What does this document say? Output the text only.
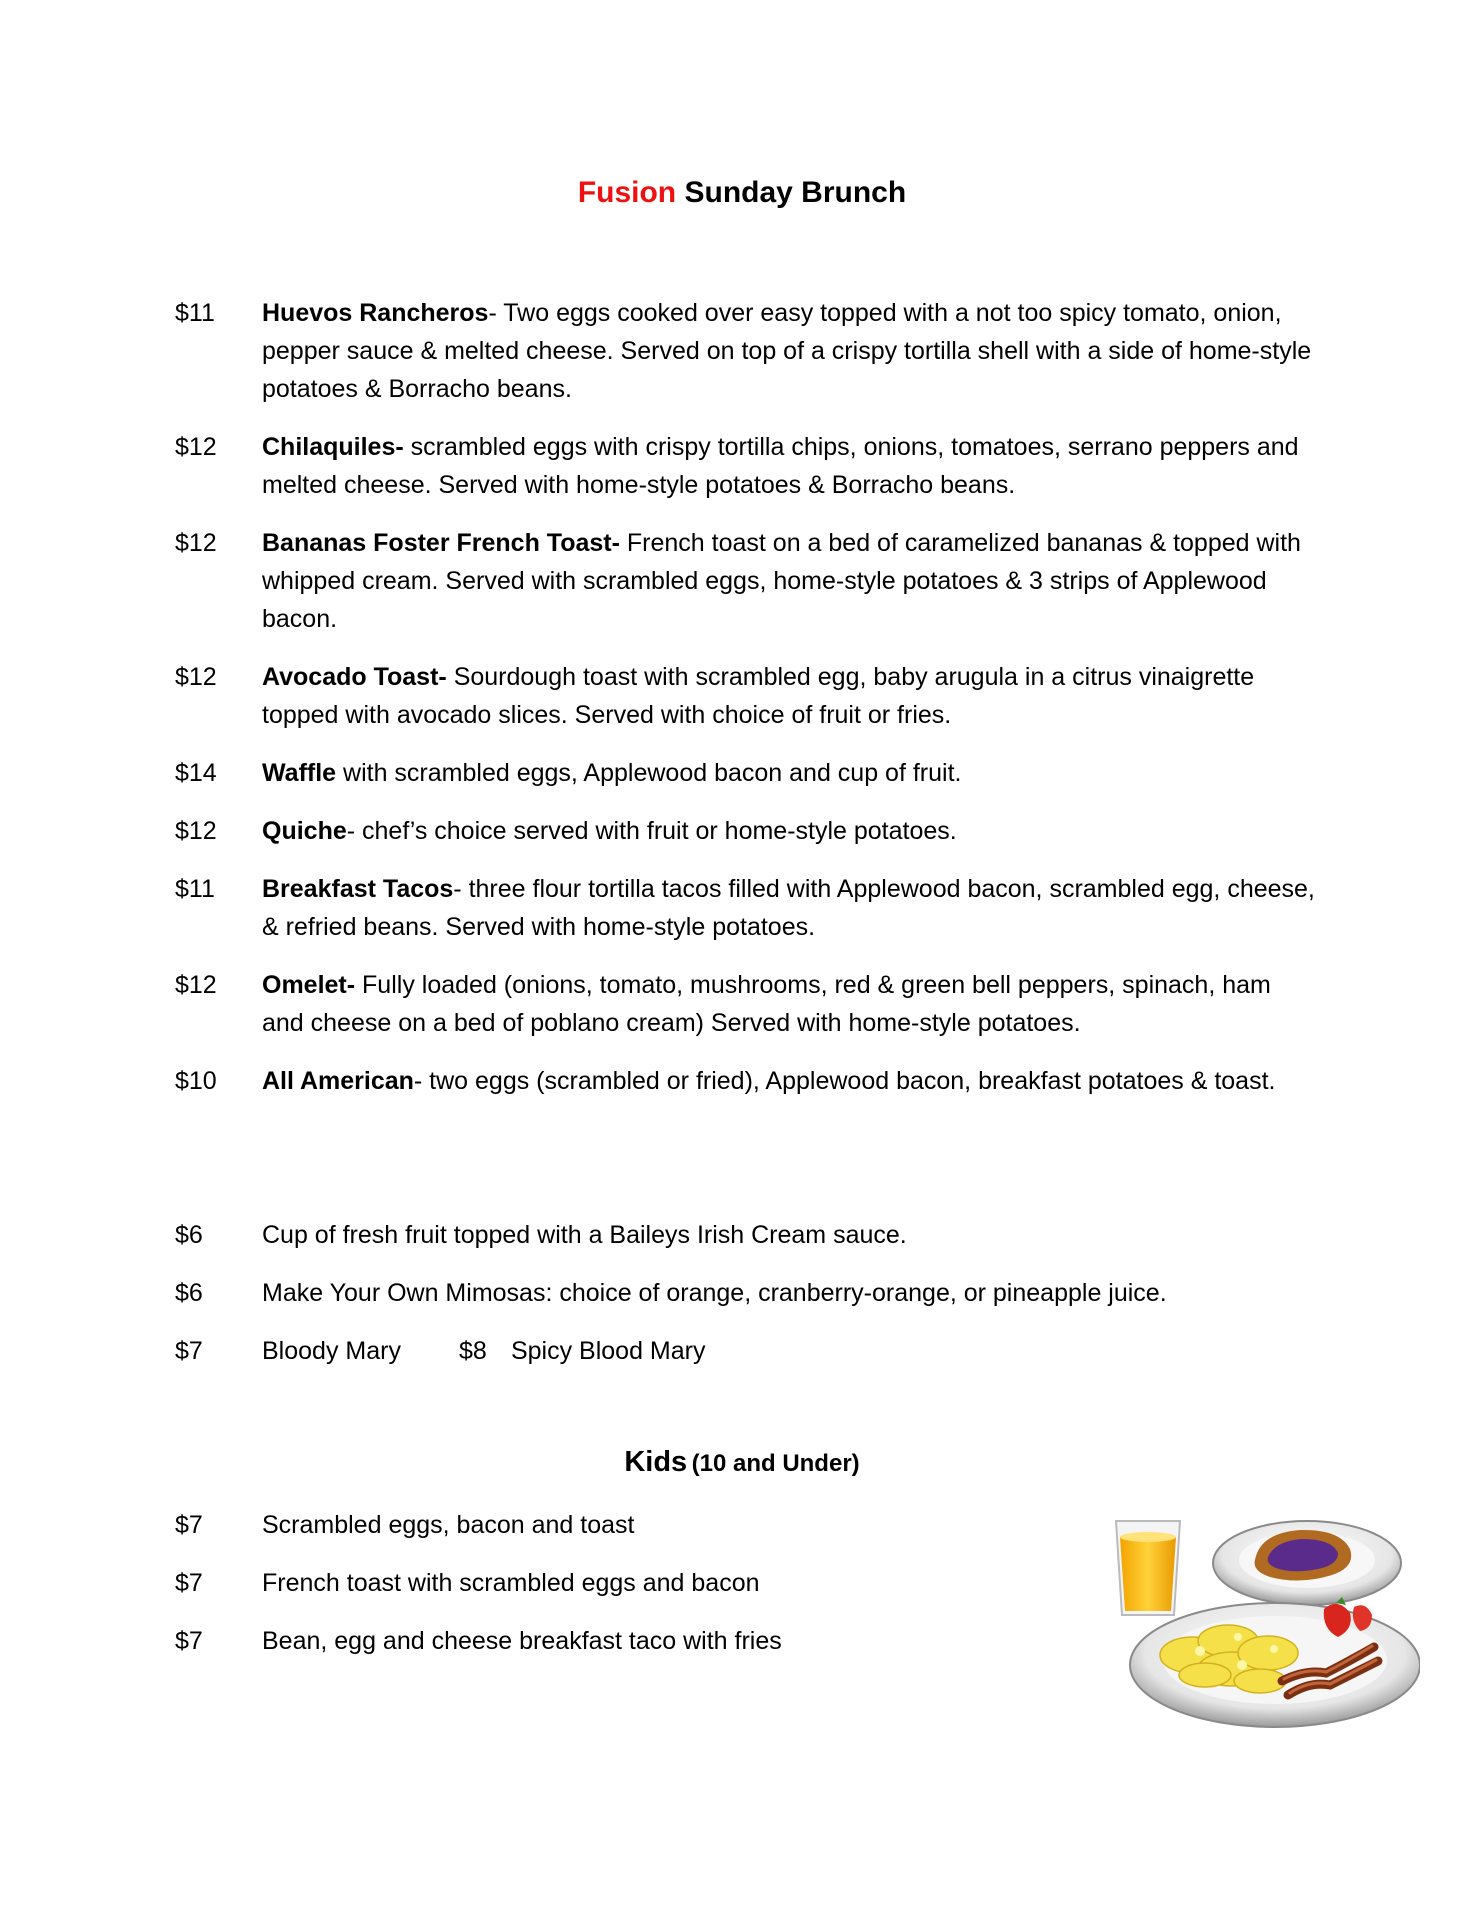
Fusion Sunday Brunch
$11	Huevos Rancheros- Two eggs cooked over easy topped with a not too spicy tomato, onion, pepper sauce & melted cheese. Served on top of a crispy tortilla shell with a side of home-style potatoes & Borracho beans.
$12	Chilaquiles- scrambled eggs with crispy tortilla chips, onions, tomatoes, serrano peppers and melted cheese. Served with home-style potatoes & Borracho beans.
$12	Bananas Foster French Toast- French toast on a bed of caramelized bananas & topped with whipped cream. Served with scrambled eggs, home-style potatoes & 3 strips of Applewood bacon.
$12	Avocado Toast- Sourdough toast with scrambled egg, baby arugula in a citrus vinaigrette topped with avocado slices. Served with choice of fruit or fries.
$14	Waffle with scrambled eggs, Applewood bacon and cup of fruit.
$12	Quiche- chef’s choice served with fruit or home-style potatoes.
$11	Breakfast Tacos- three flour tortilla tacos filled with Applewood bacon, scrambled egg, cheese, & refried beans. Served with home-style potatoes.
$12	Omelet- Fully loaded (onions, tomato, mushrooms, red & green bell peppers, spinach, ham and cheese on a bed of poblano cream) Served with home-style potatoes.
$10	All American- two eggs (scrambled or fried), Applewood bacon, breakfast potatoes & toast.
$6	Cup of fresh fruit topped with a Baileys Irish Cream sauce.
$6	Make Your Own Mimosas: choice of orange, cranberry-orange, or pineapple juice.
$7	Bloody Mary $8 Spicy Blood Mary
Kids (10 and Under)
$7	Scrambled eggs, bacon and toast
$7	French toast with scrambled eggs and bacon
$7	Bean, egg and cheese breakfast taco with fries
